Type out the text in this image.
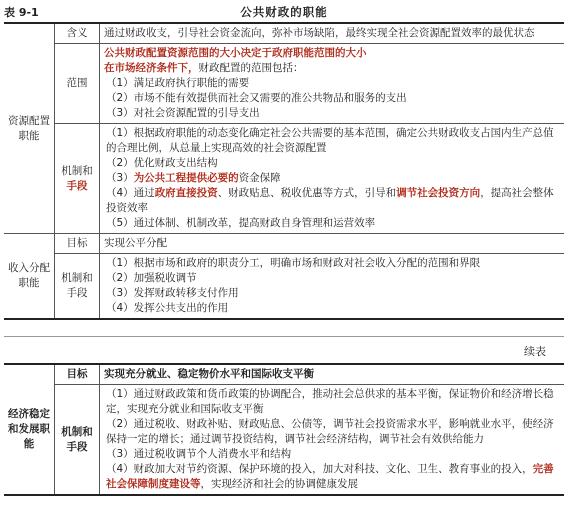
表 9-1	公共财政的职能
资源配置职能	含义	通过财政收支，引导社会资金流向，弥补市场缺陷，最终实现全社会资源配置效率的最优状态
	范围	公共财政配置资源范围的大小决定于政府职能范围的大小
在市场经济条件下，财政配置的范围包括：
（1）满足政府执行职能的需要
（2）市场不能有效提供而社会又需要的准公共物品和服务的支出
（3）对社会资源配置的引导支出

	机制和
手段	（1）根据政府职能的动态变化确定社会公共需要的基本范围，确定公共财政收支占国内生产总值的合理比例，从总量上实现高效的社会资源配置
（2）优化财政支出结构
（3）为公共工程提供必要的资金保障
（4）通过政府直接投资、财政贴息、税收优惠等方式，引导和调节社会投资方向，提高社会整体投资效率
（5）通过体制、机制改革，提高财政自身管理和运营效率

收入分配职能	目标	实现公平分配

	机制和
手段	（1）根据市场和政府的职责分工，明确市场和财政对社会收入分配的范围和界限
（2）加强税收调节
（3）发挥财政转移支付作用
（4）发挥公共支出的作用
续表
经济稳定和发展职能	目标	实现充分就业、稳定物价水平和国际收支平衡

	机制和
手段	（1）通过财政政策和货币政策的协调配合，推动社会总供求的基本平衡，保证物价和经济增长稳定，实现充分就业和国际收支平衡
（2）通过税收、财政补贴、财政贴息、公债等，调节社会投资需求水平，影响就业水平，使经济保持一定的增长；通过调节投资结构，调节社会经济结构，调节社会有效供给能力
（3）通过税收调节个人消费水平和结构
（4）财政加大对节约资源、保护环境的投入，加大对科技、文化、卫生、教育事业的投入，完善社会保障制度建设等，实现经济和社会的协调健康发展
